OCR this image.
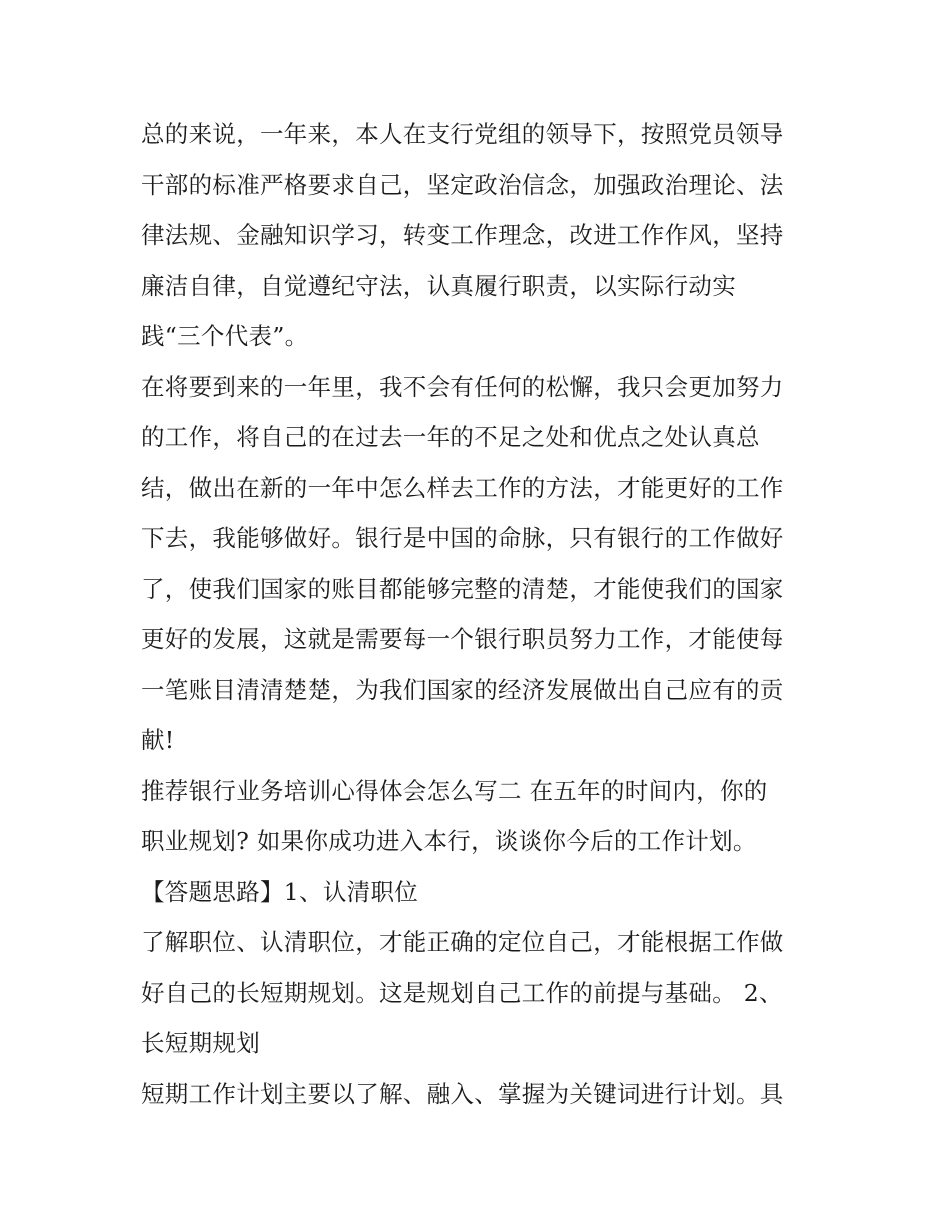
总的来说，一年来，本人在支行党组的领导下，按照党员领导
干部的标准严格要求自己，坚定政治信念，加强政治理论、法
律法规、金融知识学习，转变工作理念，改进工作作风，坚持
廉洁自律，自觉遵纪守法，认真履行职责，以实际行动实
践“三个代表”。
在将要到来的一年里，我不会有任何的松懈，我只会更加努力
的工作，将自己的在过去一年的不足之处和优点之处认真总
结，做出在新的一年中怎么样去工作的方法，才能更好的工作
下去，我能够做好。银行是中国的命脉，只有银行的工作做好
了，使我们国家的账目都能够完整的清楚，才能使我们的国家
更好的发展，这就是需要每一个银行职员努力工作，才能使每
一笔账目清清楚楚，为我们国家的经济发展做出自己应有的贡
献!
推荐银行业务培训心得体会怎么写二 在五年的时间内，你的
职业规划? 如果你成功进入本行，谈谈你今后的工作计划。
【答题思路】1、认清职位
了解职位、认清职位，才能正确的定位自己，才能根据工作做
好自己的长短期规划。这是规划自己工作的前提与基础。 2、
长短期规划
短期工作计划主要以了解、融入、掌握为关键词进行计划。具
